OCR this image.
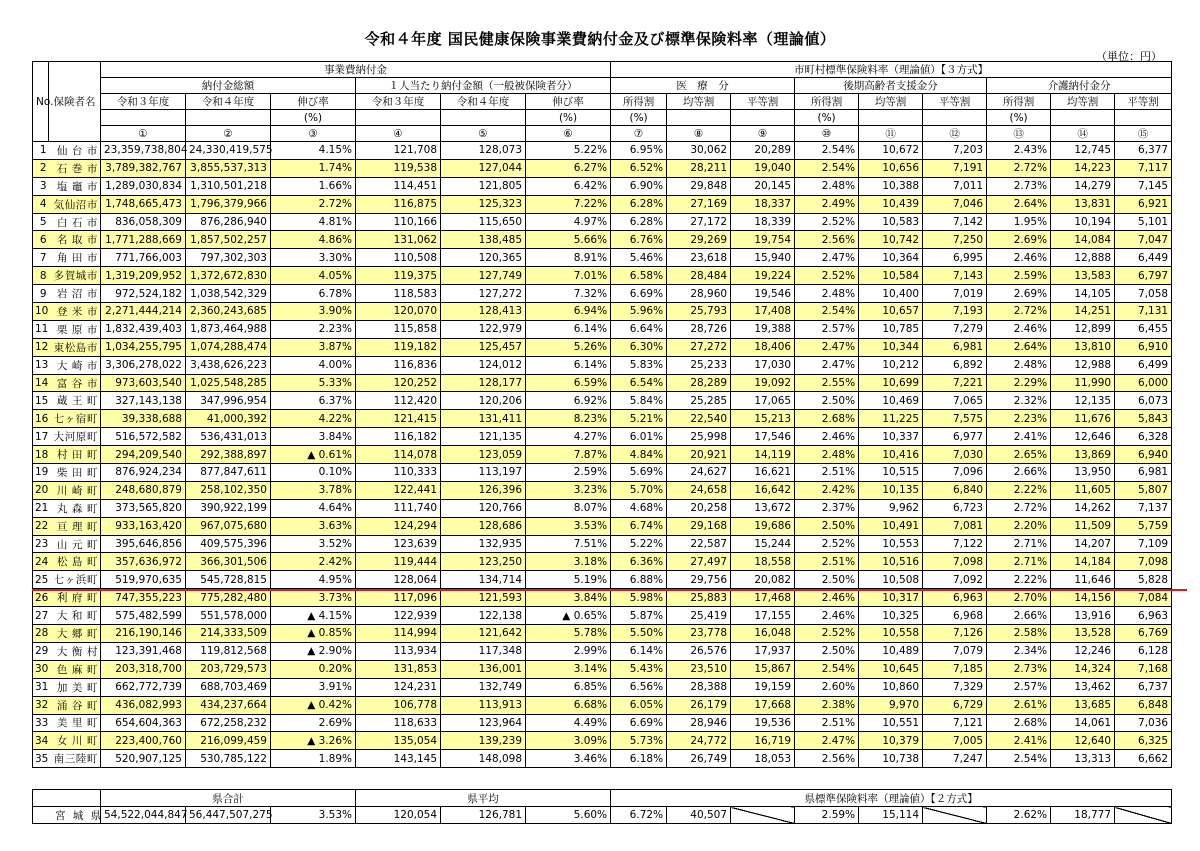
令和４年度 国民健康保険事業費納付金及び標準保険料率（理論値）
（単位：円）
No.	保険者名	事業費納付金						市町村標準保険料率（理論値）【３方式】								
		納付金総額			１人当たり納付金額（一般被保険者分）			医　療　分			後期高齢者支援金分			介護納付金分		
		令和３年度	令和４年度	伸び率	令和３年度	令和４年度	伸び率	所得割	均等割	平等割	所得割	均等割	平等割	所得割	均等割	平等割
				(%)			(%)	(%)			(%)			(%)		
		①	②	③	④	⑤	⑥	⑦	⑧	⑨	⑩	⑪	⑫	⑬	⑭	⑮
1	仙 台 市	23,359,738,804	24,330,419,575	4.15%	121,708	128,073	5.22%	6.95%	30,062	20,289	2.54%	10,672	7,203	2.43%	12,745	6,377
2	石 巻 市	3,789,382,767	3,855,537,313	1.74%	119,538	127,044	6.27%	6.52%	28,211	19,040	2.54%	10,656	7,191	2.72%	14,223	7,117
3	塩 竈 市	1,289,030,834	1,310,501,218	1.66%	114,451	121,805	6.42%	6.90%	29,848	20,145	2.48%	10,388	7,011	2.73%	14,279	7,145
4	気仙沼市	1,748,665,473	1,796,379,966	2.72%	116,875	125,323	7.22%	6.28%	27,169	18,337	2.49%	10,439	7,046	2.64%	13,831	6,921
5	白 石 市	836,058,309	876,286,940	4.81%	110,166	115,650	4.97%	6.28%	27,172	18,339	2.52%	10,583	7,142	1.95%	10,194	5,101
6	名 取 市	1,771,288,669	1,857,502,257	4.86%	131,062	138,485	5.66%	6.76%	29,269	19,754	2.56%	10,742	7,250	2.69%	14,084	7,047
7	角 田 市	771,766,003	797,302,303	3.30%	110,508	120,365	8.91%	5.46%	23,618	15,940	2.47%	10,364	6,995	2.46%	12,888	6,449
8	多賀城市	1,319,209,952	1,372,672,830	4.05%	119,375	127,749	7.01%	6.58%	28,484	19,224	2.52%	10,584	7,143	2.59%	13,583	6,797
9	岩 沼 市	972,524,182	1,038,542,329	6.78%	118,583	127,272	7.32%	6.69%	28,960	19,546	2.48%	10,400	7,019	2.69%	14,105	7,058
10	登 米 市	2,271,444,214	2,360,243,685	3.90%	120,070	128,413	6.94%	5.96%	25,793	17,408	2.54%	10,657	7,193	2.72%	14,251	7,131
11	栗 原 市	1,832,439,403	1,873,464,988	2.23%	115,858	122,979	6.14%	6.64%	28,726	19,388	2.57%	10,785	7,279	2.46%	12,899	6,455
12	東松島市	1,034,255,795	1,074,288,474	3.87%	119,182	125,457	5.26%	6.30%	27,272	18,406	2.47%	10,344	6,981	2.64%	13,810	6,910
13	大 崎 市	3,306,278,022	3,438,626,223	4.00%	116,836	124,012	6.14%	5.83%	25,233	17,030	2.47%	10,212	6,892	2.48%	12,988	6,499
14	富 谷 市	973,603,540	1,025,548,285	5.33%	120,252	128,177	6.59%	6.54%	28,289	19,092	2.55%	10,699	7,221	2.29%	11,990	6,000
15	蔵 王 町	327,143,138	347,996,954	6.37%	112,420	120,206	6.92%	5.84%	25,285	17,065	2.50%	10,469	7,065	2.32%	12,135	6,073
16	七ヶ宿町	39,338,688	41,000,392	4.22%	121,415	131,411	8.23%	5.21%	22,540	15,213	2.68%	11,225	7,575	2.23%	11,676	5,843
17	大河原町	516,572,582	536,431,013	3.84%	116,182	121,135	4.27%	6.01%	25,998	17,546	2.46%	10,337	6,977	2.41%	12,646	6,328
18	村 田 町	294,209,540	292,388,897	▲ 0.61%	114,078	123,059	7.87%	4.84%	20,921	14,119	2.48%	10,416	7,030	2.65%	13,869	6,940
19	柴 田 町	876,924,234	877,847,611	0.10%	110,333	113,197	2.59%	5.69%	24,627	16,621	2.51%	10,515	7,096	2.66%	13,950	6,981
20	川 崎 町	248,680,879	258,102,350	3.78%	122,441	126,396	3.23%	5.70%	24,658	16,642	2.42%	10,135	6,840	2.22%	11,605	5,807
21	丸 森 町	373,565,820	390,922,199	4.64%	111,740	120,766	8.07%	4.68%	20,258	13,672	2.37%	9,962	6,723	2.72%	14,262	7,137
22	亘 理 町	933,163,420	967,075,680	3.63%	124,294	128,686	3.53%	6.74%	29,168	19,686	2.50%	10,491	7,081	2.20%	11,509	5,759
23	山 元 町	395,646,856	409,575,396	3.52%	123,639	132,935	7.51%	5.22%	22,587	15,244	2.52%	10,553	7,122	2.71%	14,207	7,109
24	松 島 町	357,636,972	366,301,506	2.42%	119,444	123,250	3.18%	6.36%	27,497	18,558	2.51%	10,516	7,098	2.71%	14,184	7,098
25	七ヶ浜町	519,970,635	545,728,815	4.95%	128,064	134,714	5.19%	6.88%	29,756	20,082	2.50%	10,508	7,092	2.22%	11,646	5,828
26	利 府 町	747,355,223	775,282,480	3.73%	117,096	121,593	3.84%	5.98%	25,883	17,468	2.46%	10,317	6,963	2.70%	14,156	7,084
27	大 和 町	575,482,599	551,578,000	▲ 4.15%	122,939	122,138	▲ 0.65%	5.87%	25,419	17,155	2.46%	10,325	6,968	2.66%	13,916	6,963
28	大 郷 町	216,190,146	214,333,509	▲ 0.85%	114,994	121,642	5.78%	5.50%	23,778	16,048	2.52%	10,558	7,126	2.58%	13,528	6,769
29	大 衡 村	123,391,468	119,812,568	▲ 2.90%	113,934	117,348	2.99%	6.14%	26,576	17,937	2.50%	10,489	7,079	2.34%	12,246	6,128
30	色 麻 町	203,318,700	203,729,573	0.20%	131,853	136,001	3.14%	5.43%	23,510	15,867	2.54%	10,645	7,185	2.73%	14,324	7,168
31	加 美 町	662,772,739	688,703,469	3.91%	124,231	132,749	6.85%	6.56%	28,388	19,159	2.60%	10,860	7,329	2.57%	13,462	6,737
32	涌 谷 町	436,082,993	434,237,664	▲ 0.42%	106,778	113,913	6.68%	6.05%	26,179	17,668	2.38%	9,970	6,729	2.61%	13,685	6,848
33	美 里 町	654,604,363	672,258,232	2.69%	118,633	123,964	4.49%	6.69%	28,946	19,536	2.51%	10,551	7,121	2.68%	14,061	7,036
34	女 川 町	223,400,760	216,099,459	▲ 3.26%	135,054	139,239	3.09%	5.73%	24,772	16,719	2.47%	10,379	7,005	2.41%	12,640	6,325
35	南三陸町	520,907,125	530,785,122	1.89%	143,145	148,098	3.46%	6.18%	26,749	18,053	2.56%	10,738	7,247	2.54%	13,313	6,662
	県合計			県平均			県標準保険料率（理論値）【２方式】								
宮 城 県	54,522,044,847	56,447,507,275	3.53%	120,054	126,781	5.60%	6.72%	40,507		2.59%	15,114		2.62%	18,777	
